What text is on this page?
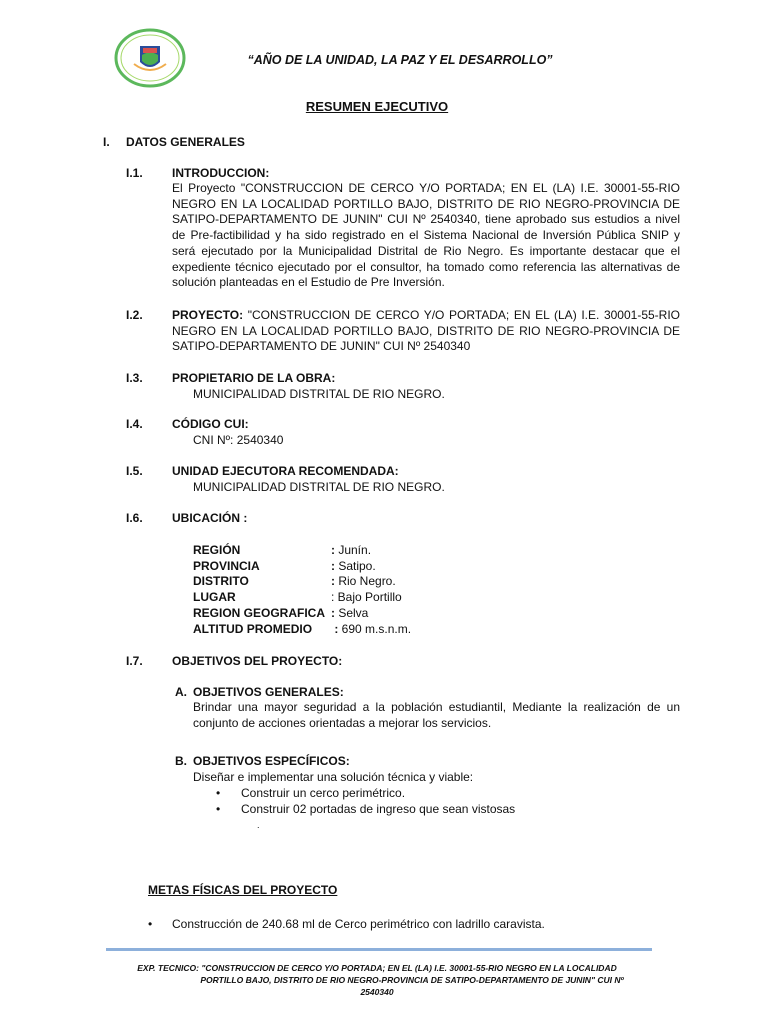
“AÑO DE LA UNIDAD, LA PAZ Y EL DESARROLLO”
RESUMEN EJECUTIVO
I. DATOS GENERALES
I.1. INTRODUCCION:
El Proyecto "CONSTRUCCION DE CERCO Y/O PORTADA; EN EL (LA) I.E. 30001-55-RIO NEGRO EN LA LOCALIDAD PORTILLO BAJO, DISTRITO DE RIO NEGRO-PROVINCIA DE SATIPO-DEPARTAMENTO DE JUNIN" CUI Nº 2540340, tiene aprobado sus estudios a nivel de Pre-factibilidad y ha sido registrado en el Sistema Nacional de Inversión Pública SNIP y será ejecutado por la Municipalidad Distrital de Rio Negro. Es importante destacar que el expediente técnico ejecutado por el consultor, ha tomado como referencia las alternativas de solución planteadas en el Estudio de Pre Inversión.
I.2. PROYECTO: "CONSTRUCCION DE CERCO Y/O PORTADA; EN EL (LA) I.E. 30001-55-RIO NEGRO EN LA LOCALIDAD PORTILLO BAJO, DISTRITO DE RIO NEGRO-PROVINCIA DE SATIPO-DEPARTAMENTO DE JUNIN" CUI Nº 2540340
I.3. PROPIETARIO DE LA OBRA:
MUNICIPALIDAD DISTRITAL DE RIO NEGRO.
I.4. CÓDIGO CUI:
CNI Nº: 2540340
I.5. UNIDAD EJECUTORA RECOMENDADA:
MUNICIPALIDAD DISTRITAL DE RIO NEGRO.
I.6. UBICACIÓN :
REGIÓN	: Junín.
PROVINCIA	: Satipo.
DISTRITO	: Rio Negro.
LUGAR	: Bajo Portillo
REGION GEOGRAFICA : Selva
ALTITUD PROMEDIO : 690 m.s.n.m.
I.7. OBJETIVOS DEL PROYECTO:
A. OBJETIVOS GENERALES:
Brindar una mayor seguridad a la población estudiantil, Mediante la realización de un conjunto de acciones orientadas a mejorar los servicios.
B. OBJETIVOS ESPECÍFICOS:
Diseñar e implementar una solución técnica y viable:
• Construir un cerco perimétrico.
• Construir 02 portadas de ingreso que sean vistosas
.
METAS FÍSICAS DEL PROYECTO
• Construcción de 240.68 ml de Cerco perimétrico con ladrillo caravista.
EXP. TECNICO: "CONSTRUCCION DE CERCO Y/O PORTADA; EN EL (LA) I.E. 30001-55-RIO NEGRO EN LA LOCALIDAD
PORTILLO BAJO, DISTRITO DE RIO NEGRO-PROVINCIA DE SATIPO-DEPARTAMENTO DE JUNIN" CUI Nº
2540340
